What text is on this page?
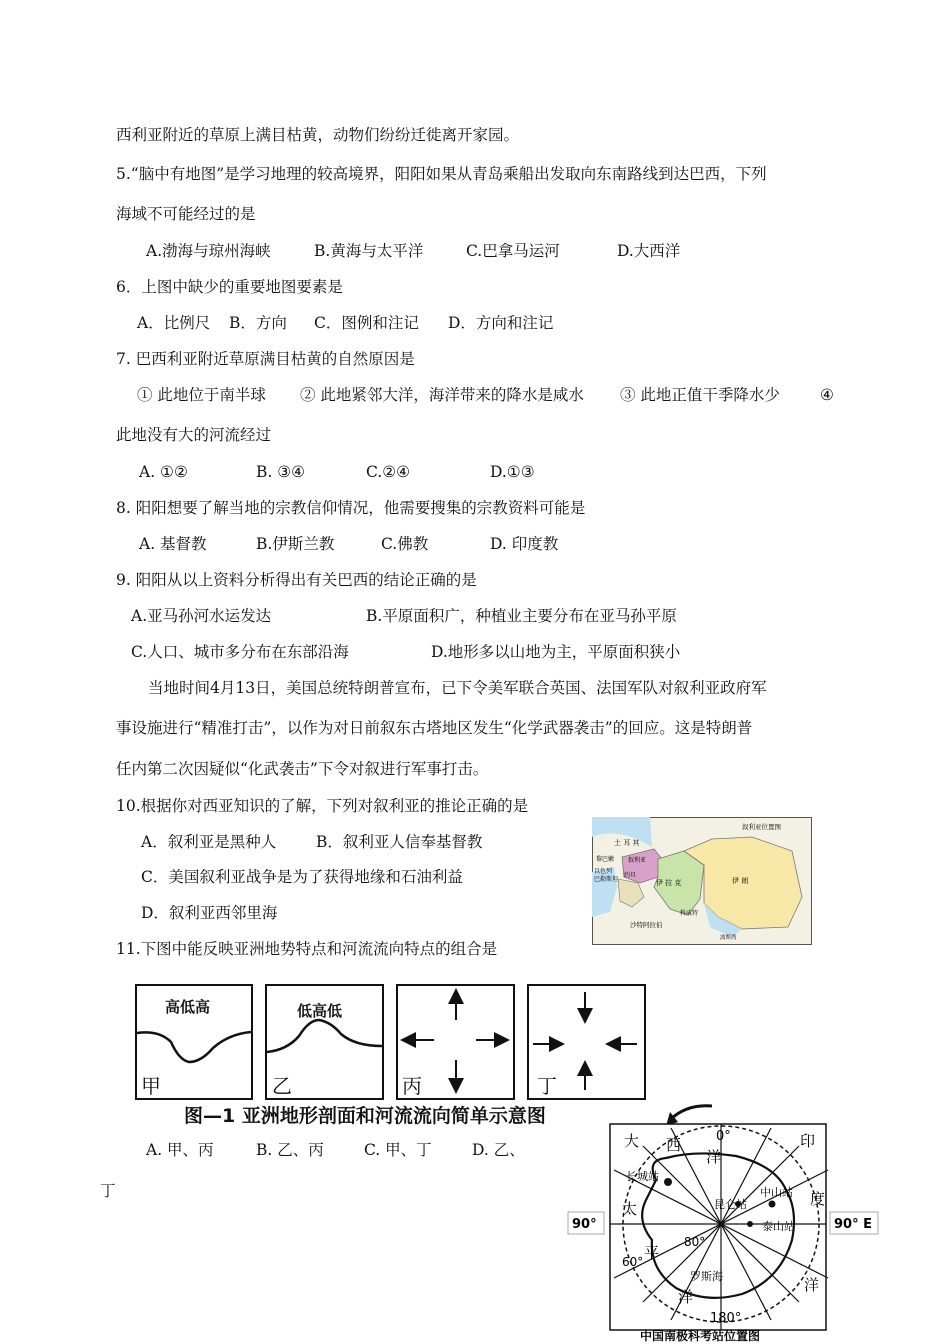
西利亚附近的草原上满目枯黄，动物们纷纷迁徙离开家园。
5.“脑中有地图”是学习地理的较高境界，阳阳如果从青岛乘船出发取向东南路线到达巴西，下列
海域不可能经过的是
A.渤海与琼州海峡	B.黄海与太平洋	C.巴拿马运河	D.大西洋
6．上图中缺少的重要地图要素是
A．比例尺 B．方向 C．图例和注记 D．方向和注记
7. 巴西利亚附近草原满目枯黄的自然原因是
① 此地位于南半球 ② 此地紧邻大洋，海洋带来的降水是咸水 ③ 此地正值干季降水少	④
此地没有大的河流经过
A. ①②	B. ③④	C.②④	D.①③
8. 阳阳想要了解当地的宗教信仰情况，他需要搜集的宗教资料可能是
A. 基督教	B.伊斯兰教	C.佛教	D. 印度教
9. 阳阳从以上资料分析得出有关巴西的结论正确的是
A.亚马孙河水运发达	B.平原面积广，种植业主要分布在亚马孙平原
C.人口、城市多分布在东部沿海	D.地形多以山地为主，平原面积狭小
当地时间4月13日，美国总统特朗普宣布，已下令美军联合英国、法国军队对叙利亚政府军
事设施进行“精准打击”，以作为对日前叙东古塔地区发生“化学武器袭击”的回应。这是特朗普
任内第二次因疑似“化武袭击”下令对叙进行军事打击。
10.根据你对西亚知识的了解，下列对叙利亚的推论正确的是
A．叙利亚是黑种人	B．叙利亚人信奉基督教
C．美国叙利亚战争是为了获得地缘和石油利益
D．叙利亚西邻里海
叙利亚位置图
土 耳 其
叙利亚
黎巴嫩
以色列
巴勒斯坦
约旦
伊 拉 克	伊 朗
科威特
沙特阿拉伯
波斯湾
11.下图中能反映亚洲地势特点和河流流向特点的组合是
高低高
甲
低高低
乙	丙	丁
图—1 亚洲地形剖面和河流流向简单示意图
A. 甲、丙	B. 乙、丙	C. 甲、丁	D. 乙、
丁
90°	90° E
0°
180°
60°
80°
大 西
洋
印
度
太
平
洋
洋
长城站
中山站
昆仑站
泰山站
罗斯海
中国南极科考站位置图
